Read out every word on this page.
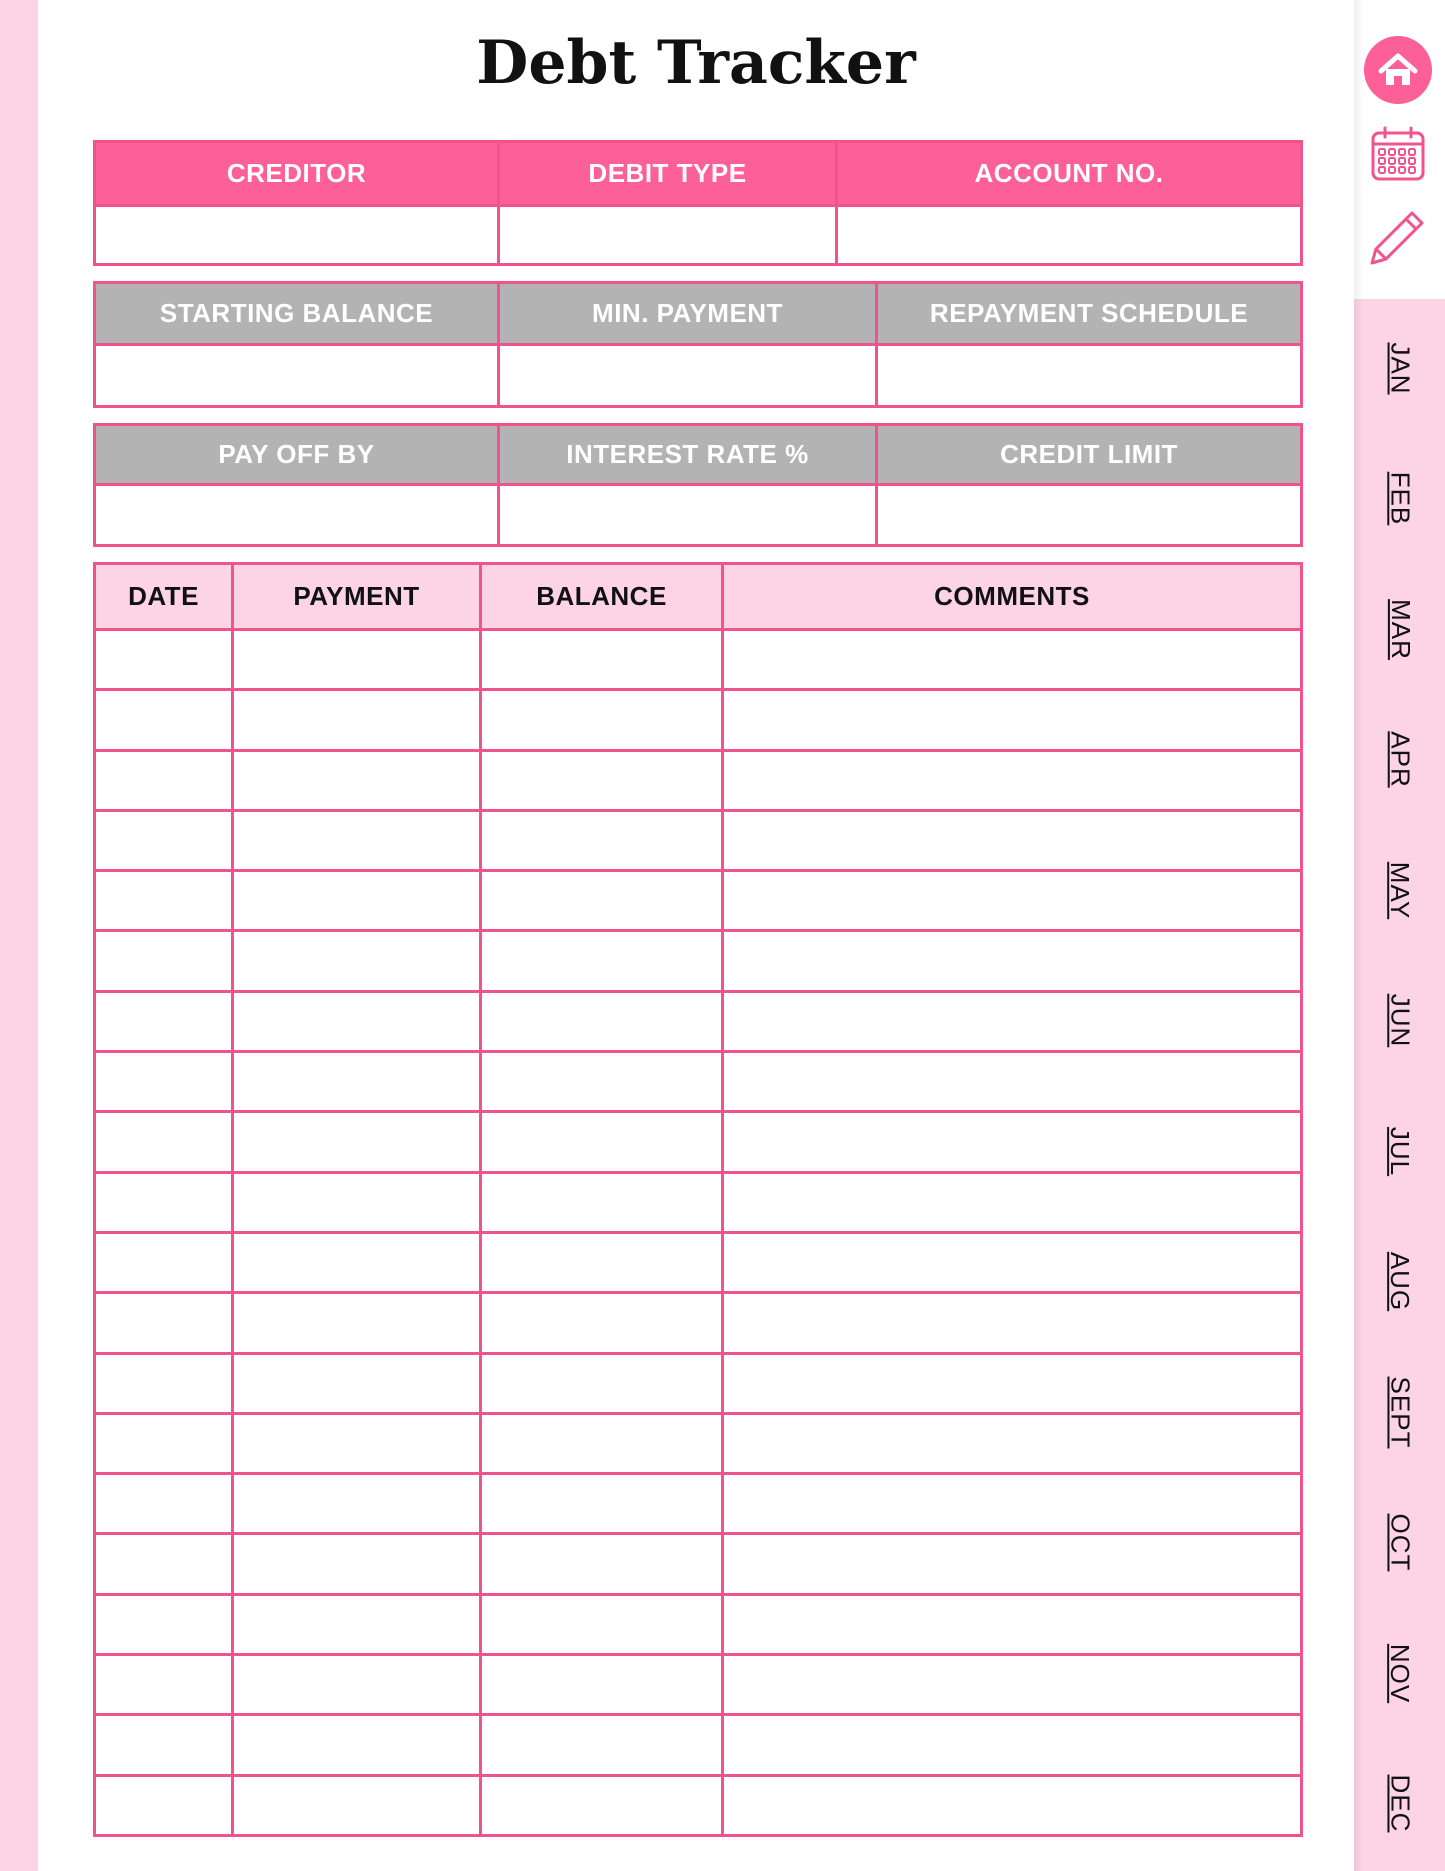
Debt Tracker
CREDITOR	DEBIT TYPE	ACCOUNT NO.

STARTING BALANCE	MIN. PAYMENT	REPAYMENT SCHEDULE

PAY OFF BY	INTEREST RATE %	CREDIT LIMIT

DATE	PAYMENT	BALANCE	COMMENTS

JAN
FEB
MAR
APR
MAY
JUN
JUL
AUG
SEPT
OCT
NOV
DEC
